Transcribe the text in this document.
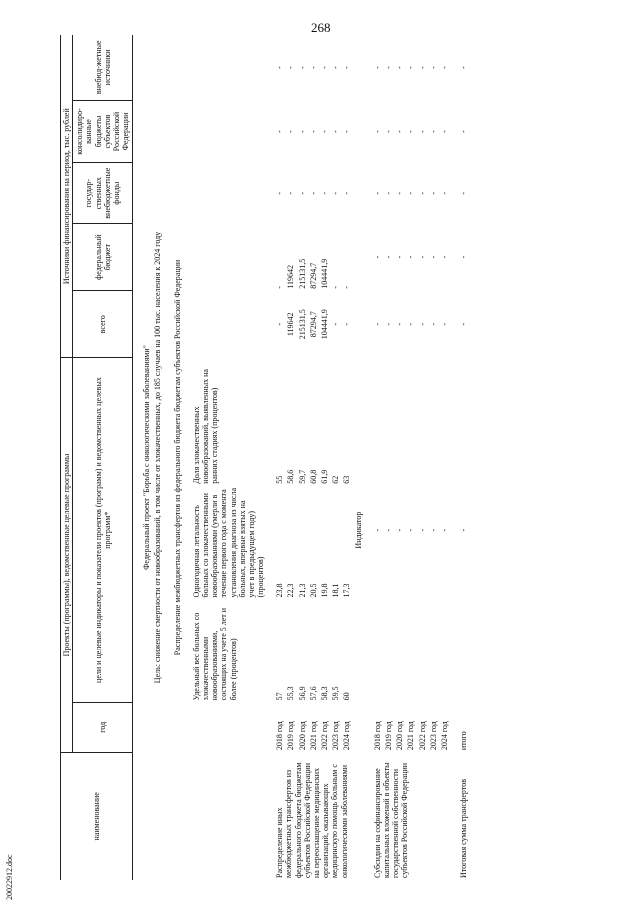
268
наименование	Проекты (программы), ведомственные целевые программы				Источники финансирования на период, тыс. рублей				
	год	цели и целевые индикаторы и показатели проектов (программ) и ведомственных целевых программ*			всего	федеральный бюджет	государ-ственных внебюджетные фонды	консолидиро-ванные бюджеты субъектов Российской Федерации	внебюд-жетные источники

Федеральный проект "Борьба с онкологическими заболеваниями"									
Цель: снижение смертности от новообразований, в том числе от злокачественных, до 185 случаев на 100 тыс. населения к 2024 году									

Распределение межбюджетных трансфертов из федерального бюджета бюджетам субъектов Российской Федерации									

		Удельный вес больных со злокачественными новообразованиями, состоящих на учете 5 лет и более (процентов)	Одногодичная летальность больных со злокачественными новообразованиями (умерли в течение первого года с момента установления диагноза из числа больных, впервые взятых на учет в предыдущем году) (процентов)	Доля злокачественных новообразований, выявленных на ранних стадиях (процентов)					

Распределение иных межбюджетных трансфертов из федерального бюджета бюджетам субъектов Российской Федерации на переоснащение медицинских организаций, оказывающих медицинскую помощь больным с онкологическими заболеваниями	2018 год	57	23,8	55	-	-	-	-	-
	2019 год	55,3	22,3	58,6	119642	119642	-	-	-
	2020 год	56,9	21,3	59,7	215131,5	215131,5	-	-	-
	2021 год	57,6	20,5	60,8	87294,7	87294,7	-	-	-
	2022 год	58,3	19,8	61,9	104441,9	104441,9	-	-	-
	2023 год	59,5	18,1	62	-	-	-	-	-
	2024 год	60	17,3	63	-	-	-	-	-
		Индикатор							

Субсидии на софинансирование капитальных вложений в объекты государственной собственности субъектов Российской Федерации	2018 год	-			-	-	-	-	-
	2019 год	-			-	-	-	-	-
	2020 год	-			-	-	-	-	-
	2021 год	-			-	-	-	-	-
	2022 год	-			-	-	-	-	-
	2023 год	-			-	-	-	-	-
	2024 год	-			-	-	-	-	-

Итоговая сумма трансфертов	итого	-			-	-	-	-	-
20022912.doc
